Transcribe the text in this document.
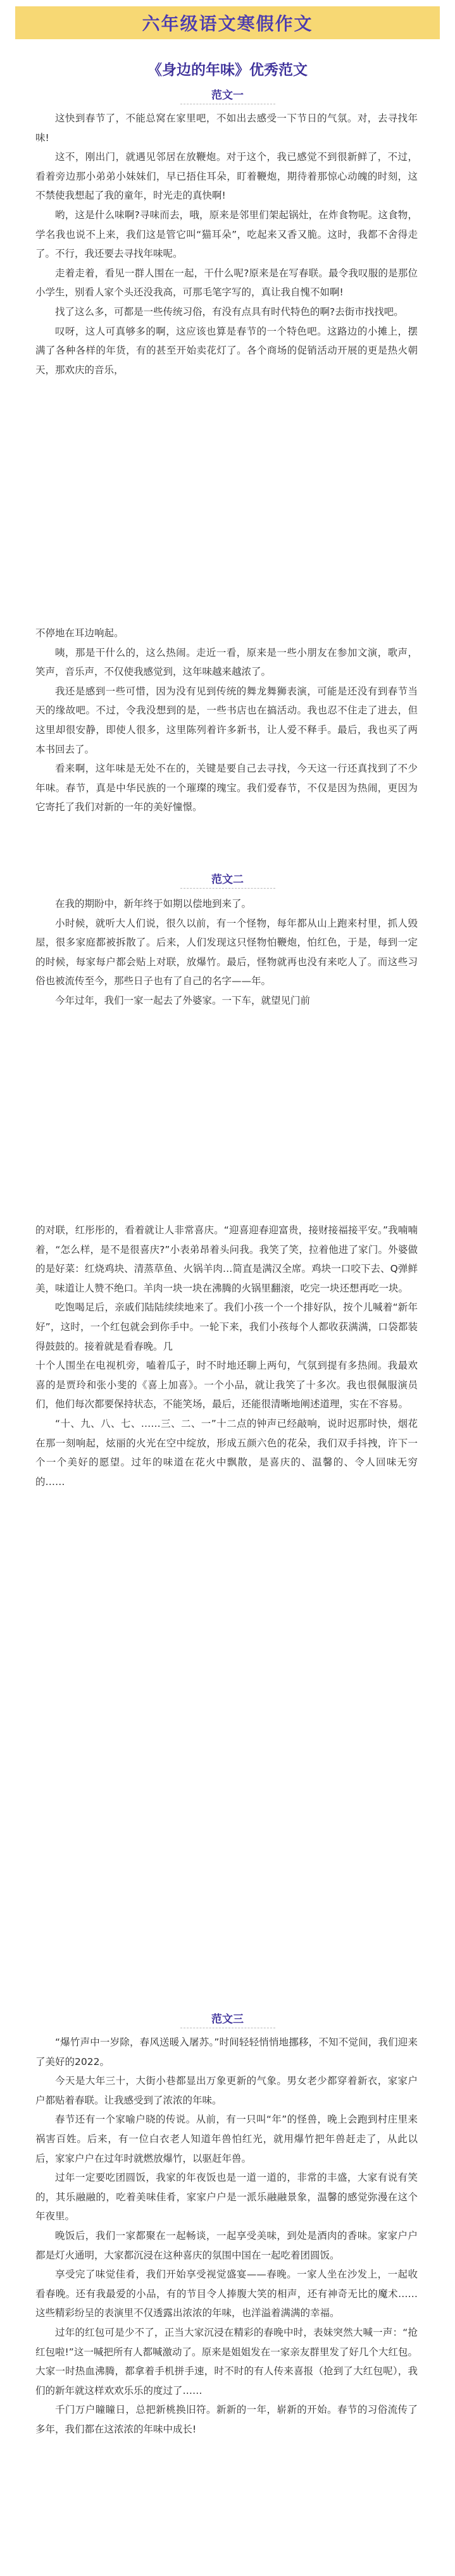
六年级语文寒假作文
《身边的年味》优秀范文
范文一

这快到春节了，不能总窝在家里吧，不如出去感受一下节日的气氛。对，去寻找年味!

这不，刚出门，就遇见邻居在放鞭炮。对于这个，我已感觉不到很新鲜了，不过，看着旁边那小弟弟小妹妹们，早已捂住耳朵，盯着鞭炮，期待着那惊心动魄的时刻，这不禁使我想起了我的童年，时光走的真快啊!

哟，这是什么味啊?寻味而去，哦，原来是邻里们架起锅灶，在炸食物呢。这食物，学名我也说不上来，我们这是管它叫“猫耳朵”，吃起来又香又脆。这时，我都不舍得走了。不行，我还要去寻找年味呢。

走着走着，看见一群人围在一起，干什么呢?原来是在写春联。最令我叹服的是那位小学生，别看人家个头还没我高，可那毛笔字写的，真让我自愧不如啊!

找了这么多，可都是一些传统习俗，有没有点具有时代特色的啊?去街市找找吧。

叹呀，这人可真够多的啊，这应该也算是春节的一个特色吧。这路边的小摊上，摆满了各种各样的年货，有的甚至开始卖花灯了。各个商场的促销活动开展的更是热火朝天，那欢庆的音乐，

不停地在耳边响起。

咦，那是干什么的，这么热闹。走近一看，原来是一些小朋友在参加文演，歌声，笑声，音乐声，不仅使我感觉到，这年味越来越浓了。

我还是感到一些可惜，因为没有见到传统的舞龙舞狮表演，可能是还没有到春节当天的缘故吧。不过，令我没想到的是，一些书店也在搞活动。我也忍不住走了进去，但这里却很安静，即使人很多，这里陈列着许多新书，让人爱不释手。最后，我也买了两本书回去了。

看来啊，这年味是无处不在的，关键是要自己去寻找，今天这一行还真找到了不少年味。春节，真是中华民族的一个璀璨的瑰宝。我们爱春节，不仅是因为热闹，更因为它寄托了我们对新的一年的美好憧憬。

范文二

在我的期盼中，新年终于如期以偿地到来了。

小时候，就听大人们说，很久以前，有一个怪物，每年都从山上跑来村里，抓人毁屋，很多家庭都被拆散了。后来，人们发现这只怪物怕鞭炮，怕红色，于是，每到一定的时候，每家每户都会贴上对联，放爆竹。最后，怪物就再也没有来吃人了。而这些习俗也被流传至今，那些日子也有了自己的名字——年。

今年过年，我们一家一起去了外婆家。一下车，就望见门前

的对联，红彤彤的，看着就让人非常喜庆。“迎喜迎春迎富贵，接财接福接平安。”我喃喃着，“怎么样，是不是很喜庆?”小表弟昂着头问我。我笑了笑，拉着他进了家门。外婆做的是好菜：红烧鸡块、清蒸草鱼、火锅羊肉…简直是满汉全席。鸡块一口咬下去、Q弹鲜美，味道让人赞不绝口。羊肉一块一块在沸腾的火锅里翻滚，吃完一块还想再吃一块。

吃饱喝足后，亲戚们陆陆续续地来了。我们小孩一个一个排好队，按个儿喊着“新年好”，这时，一个红包就会到你手中。一轮下来，我们小孩每个人都收获满满，口袋都装得鼓鼓的。接着就是看春晚。几

十个人围坐在电视机旁，嗑着瓜子，时不时地还聊上两句，气氛到提有多热闹。我最欢喜的是贾玲和张小斐的《喜上加喜》。一个小品，就让我笑了十多次。我也很佩服演员们，他们每次都要保持状态，不能笑场，最后，还能很清晰地阐述道理，实在不容易。

“十、九、八、七、……三、二、一”十二点的钟声已经敲响，说时迟那时快，烟花在那一刻响起，炫丽的火光在空中绽放，形成五颜六色的花朵，我们双手抖拽，许下一个一个美好的愿望。过年的味道在花火中飘散，是喜庆的、温馨的、令人回味无穷的……

范文三

“爆竹声中一岁除，春风送暖入屠苏。”时间轻轻悄悄地挪移，不知不觉间，我们迎来了美好的2022。

今天是大年三十，大街小巷都显出万象更新的气象。男女老少都穿着新衣，家家户户都贴着春联。让我感受到了浓浓的年味。

春节还有一个家喻户晓的传说。从前，有一只叫“年”的怪兽，晚上会跑到村庄里来祸害百姓。后来，有一位白衣老人知道年兽怕红光，就用爆竹把年兽赶走了，从此以后，家家户户在过年时就燃放爆竹，以驱赶年兽。

过年一定要吃团圆饭，我家的年夜饭也是一道一道的，非常的丰盛，大家有说有笑的，其乐融融的，吃着美味佳肴，家家户户是一派乐融融景象，温馨的感觉弥漫在这个年夜里。

晚饭后，我们一家都聚在一起畅谈，一起享受美味，到处是酒肉的香味。家家户户都是灯火通明，大家都沉浸在这种喜庆的氛围中国在一起吃着团圆饭。

享受完了味觉佳肴，我们开始享受视觉盛宴——春晚。一家人坐在沙发上，一起收看春晚。还有我最爱的小品，有的节目令人捧腹大笑的相声，还有神奇无比的魔术……这些精彩纷呈的表演里不仅透露出浓浓的年味，也洋溢着满满的幸福。

过年的红包可是少不了，正当大家沉浸在精彩的春晚中时，表妹突然大喊一声：“抢红包啦!”这一喊把所有人都喊激动了。原来是姐姐发在一家亲友群里发了好几个大红包。大家一时热血沸腾，都拿着手机拼手速，时不时的有人传来喜报（抢到了大红包呢），我们的新年就这样欢欢乐乐的度过了……

千门万户瞳瞳日，总把新桃换旧符。新新的一年，崭新的开始。春节的习俗流传了多年，我们都在这浓浓的年味中成长!
